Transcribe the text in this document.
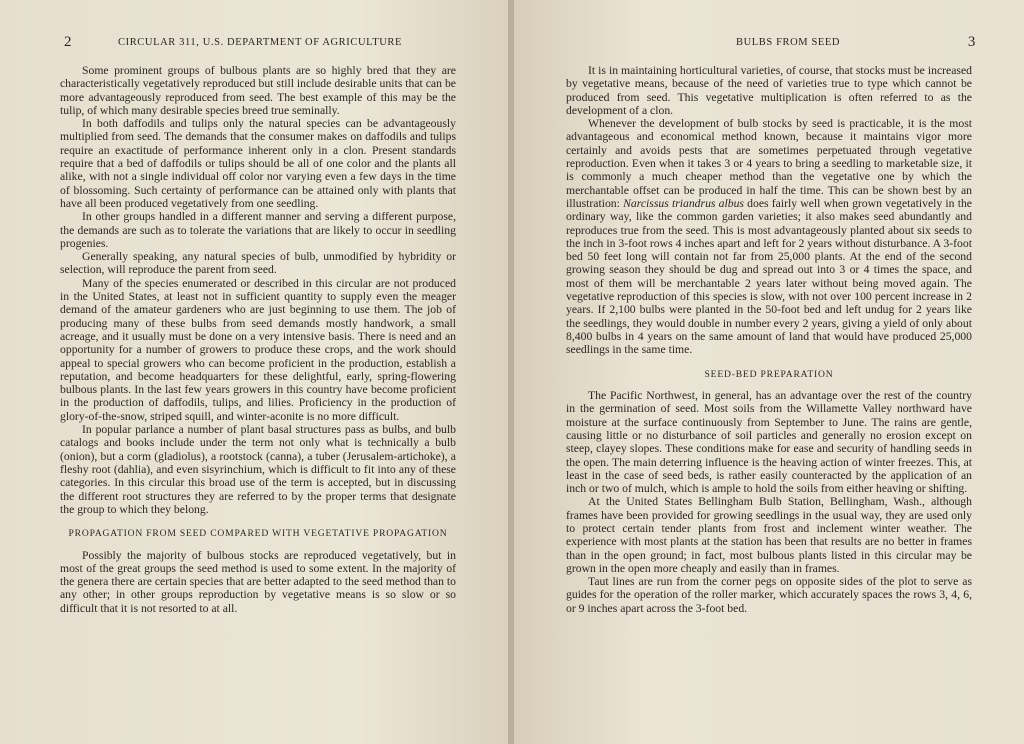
2	CIRCULAR 311, U.S. DEPARTMENT OF AGRICULTURE

Some prominent groups of bulbous plants are so highly bred that they are characteristically vegetatively reproduced but still include desirable units that can be more advantageously reproduced from seed. The best example of this may be the tulip, of which many desirable species breed true seminally.

In both daffodils and tulips only the natural species can be advantageously multiplied from seed. The demands that the consumer makes on daffodils and tulips require an exactitude of performance inherent only in a clon. Present standards require that a bed of daffodils or tulips should be all of one color and the plants all alike, with not a single individual off color nor varying even a few days in the time of blossoming. Such certainty of performance can be attained only with plants that have all been produced vegetatively from one seedling.

In other groups handled in a different manner and serving a different purpose, the demands are such as to tolerate the variations that are likely to occur in seedling progenies.

Generally speaking, any natural species of bulb, unmodified by hybridity or selection, will reproduce the parent from seed.

Many of the species enumerated or described in this circular are not produced in the United States, at least not in sufficient quantity to supply even the meager demand of the amateur gardeners who are just beginning to use them. The job of producing many of these bulbs from seed demands mostly handwork, a small acreage, and it usually must be done on a very intensive basis. There is need and an opportunity for a number of growers to produce these crops, and the work should appeal to special growers who can become proficient in the production, establish a reputation, and become headquarters for these delightful, early, spring-flowering bulbous plants. In the last few years growers in this country have become proficient in the production of daffodils, tulips, and lilies. Proficiency in the production of glory-of-the-snow, striped squill, and winter-aconite is no more difficult.

In popular parlance a number of plant basal structures pass as bulbs, and bulb catalogs and books include under the term not only what is technically a bulb (onion), but a corm (gladiolus), a rootstock (canna), a tuber (Jerusalem-artichoke), a fleshy root (dahlia), and even sisyrinchium, which is difficult to fit into any of these categories. In this circular this broad use of the term is accepted, but in discussing the different root structures they are referred to by the proper terms that designate the group to which they belong.

PROPAGATION FROM SEED COMPARED WITH VEGETATIVE PROPAGATION

Possibly the majority of bulbous stocks are reproduced vegetatively, but in most of the great groups the seed method is used to some extent. In the majority of the genera there are certain species that are better adapted to the seed method than to any other; in other groups reproduction by vegetative means is so slow or so difficult that it is not resorted to at all.

BULBS FROM SEED	3

It is in maintaining horticultural varieties, of course, that stocks must be increased by vegetative means, because of the need of varieties true to type which cannot be produced from seed. This vegetative multiplication is often referred to as the development of a clon.

Whenever the development of bulb stocks by seed is practicable, it is the most advantageous and economical method known, because it maintains vigor more certainly and avoids pests that are sometimes perpetuated through vegetative reproduction. Even when it takes 3 or 4 years to bring a seedling to marketable size, it is commonly a much cheaper method than the vegetative one by which the merchantable offset can be produced in half the time. This can be shown best by an illustration: Narcissus triandrus albus does fairly well when grown vegetatively in the ordinary way, like the common garden varieties; it also makes seed abundantly and reproduces true from the seed. This is most advantageously planted about six seeds to the inch in 3-foot rows 4 inches apart and left for 2 years without disturbance. A 3-foot bed 50 feet long will contain not far from 25,000 plants. At the end of the second growing season they should be dug and spread out into 3 or 4 times the space, and most of them will be merchantable 2 years later without being moved again. The vegetative reproduction of this species is slow, with not over 100 percent increase in 2 years. If 2,100 bulbs were planted in the 50-foot bed and left undug for 2 years like the seedlings, they would double in number every 2 years, giving a yield of only about 8,400 bulbs in 4 years on the same amount of land that would have produced 25,000 seedlings in the same time.

SEED-BED PREPARATION

The Pacific Northwest, in general, has an advantage over the rest of the country in the germination of seed. Most soils from the Willamette Valley northward have moisture at the surface continuously from September to June. The rains are gentle, causing little or no disturbance of soil particles and generally no erosion except on steep, clayey slopes. These conditions make for ease and security of handling seeds in the open. The main deterring influence is the heaving action of winter freezes. This, at least in the case of seed beds, is rather easily counteracted by the application of an inch or two of mulch, which is ample to hold the soils from either heaving or shifting.

At the United States Bellingham Bulb Station, Bellingham, Wash., although frames have been provided for growing seedlings in the usual way, they are used only to protect certain tender plants from frost and inclement winter weather. The experience with most plants at the station has been that results are no better in frames than in the open ground; in fact, most bulbous plants listed in this circular may be grown in the open more cheaply and easily than in frames.

Taut lines are run from the corner pegs on opposite sides of the plot to serve as guides for the operation of the roller marker, which accurately spaces the rows 3, 4, 6, or 9 inches apart across the 3-foot bed.
